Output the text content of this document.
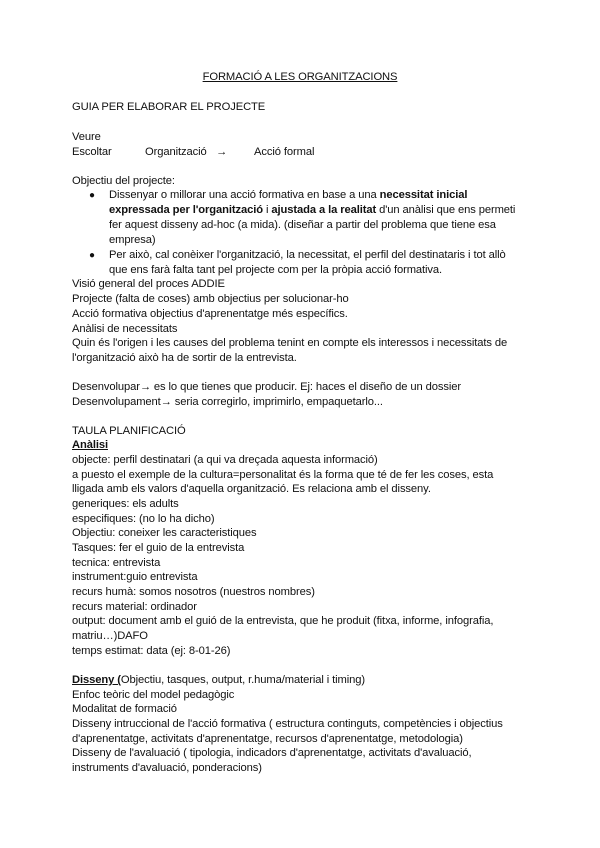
FORMACIÓ A LES ORGANITZACIONS
GUIA PER ELABORAR EL PROJECTE
Veure
Escoltar	Organització → Acció formal
Objectiu del projecte:
● Dissenyar o millorar una acció formativa en base a una necessitat inicial
expressada per l'organització i ajustada a la realitat d'un anàlisi que ens permeti
fer aquest disseny ad-hoc (a mida). (diseñar a partir del problema que tiene esa
empresa)
● Per això, cal conèixer l'organització, la necessitat, el perfil del destinataris i tot allò
que ens farà falta tant pel projecte com per la pròpia acció formativa.
Visió general del proces ADDIE
Projecte (falta de coses) amb objectius per solucionar-ho
Acció formativa objectius d'aprenentatge més específics.
Anàlisi de necessitats
Quin és l'origen i les causes del problema tenint en compte els interessos i necessitats de
l'organització això ha de sortir de la entrevista.
Desenvolupar→ es lo que tienes que producir. Ej: haces el diseño de un dossier
Desenvolupament→ seria corregirlo, imprimirlo, empaquetarlo...
TAULA PLANIFICACIÓ
Anàlisi
objecte: perfil destinatari (a qui va dreçada aquesta informació)
a puesto el exemple de la cultura=personalitat és la forma que té de fer les coses, esta
lligada amb els valors d'aquella organització. Es relaciona amb el disseny.
generiques: els adults
especifiques: (no lo ha dicho)
Objectiu: coneixer les caracteristiques
Tasques: fer el guio de la entrevista
tecnica: entrevista
instrument:guio entrevista
recurs humà: somos nosotros (nuestros nombres)
recurs material: ordinador
output: document amb el guió de la entrevista, que he produit (fitxa, informe, infografia,
matriu…)DAFO
temps estimat: data (ej: 8-01-26)
Disseny (Objectiu, tasques, output, r.huma/material i timing)
Enfoc teòric del model pedagògic
Modalitat de formació
Disseny intruccional de l'acció formativa ( estructura continguts, competències i objectius
d'aprenentatge, activitats d'aprenentatge, recursos d'aprenentatge, metodologia)
Disseny de l'avaluació ( tipologia, indicadors d'aprenentatge, activitats d'avaluació,
instruments d'avaluació, ponderacions)
